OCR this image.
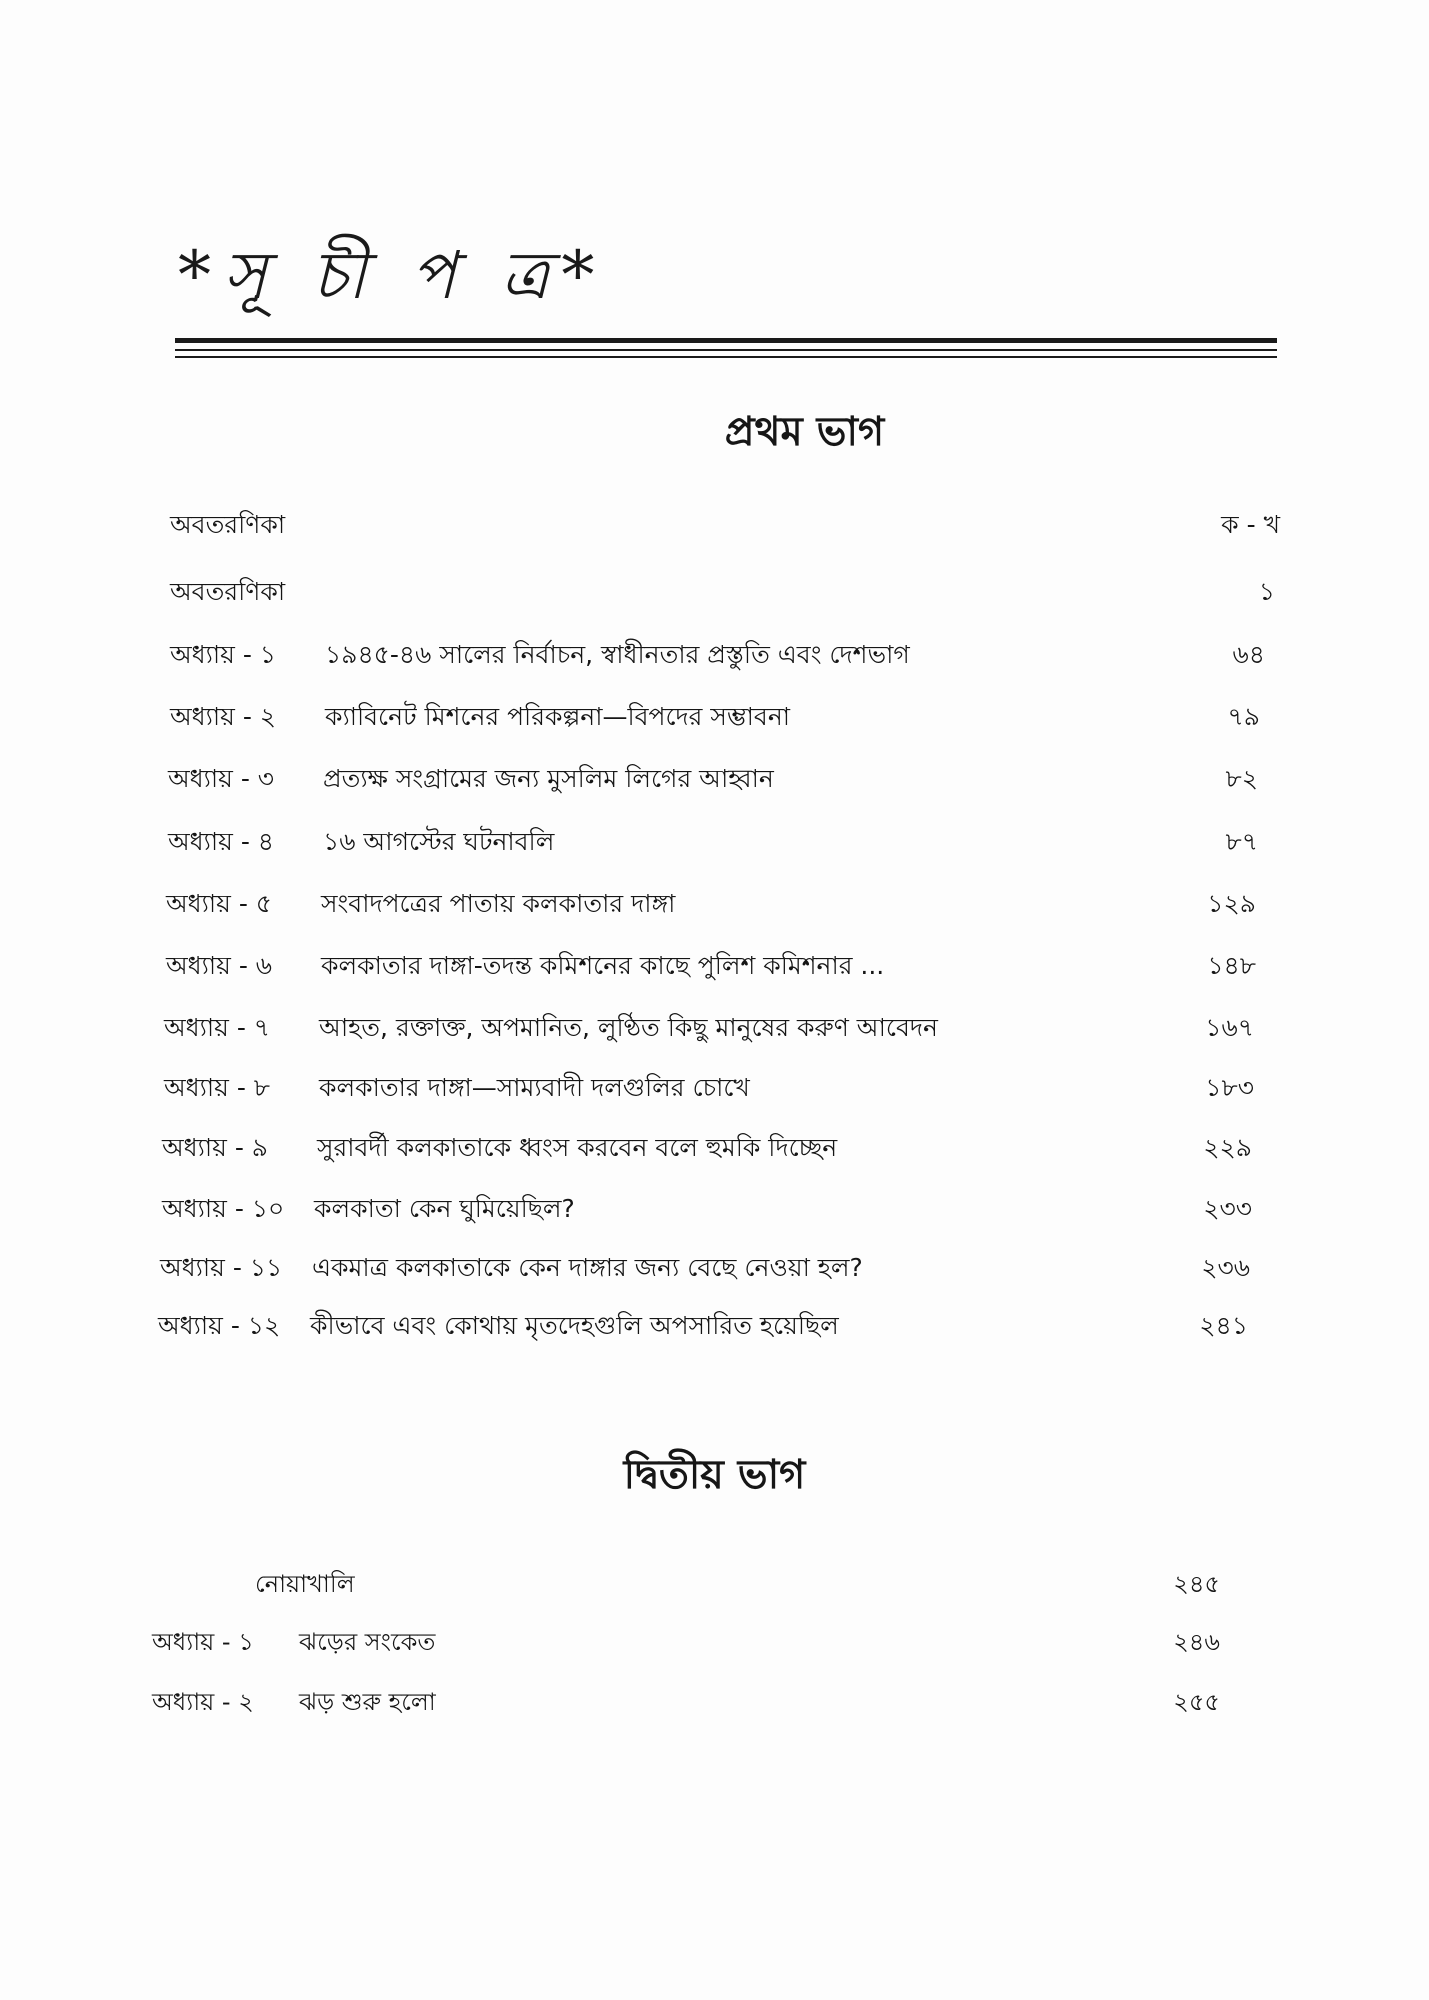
*সূ চী প ত্র*
প্রথম ভাগ
অবতরণিকা	ক - খ
অবতরণিকা	১
অধ্যায় - ১ ১৯৪৫-৪৬ সালের নির্বাচন, স্বাধীনতার প্রস্তুতি এবং দেশভাগ	৬৪
অধ্যায় - ২ ক্যাবিনেট মিশনের পরিকল্পনা—বিপদের সম্ভাবনা	৭৯
অধ্যায় - ৩ প্রত্যক্ষ সংগ্রামের জন্য মুসলিম লিগের আহ্বান	৮২
অধ্যায় - ৪ ১৬ আগস্টের ঘটনাবলি	৮৭
অধ্যায় - ৫ সংবাদপত্রের পাতায় কলকাতার দাঙ্গা	১২৯
অধ্যায় - ৬ কলকাতার দাঙ্গা-তদন্ত কমিশনের কাছে পুলিশ কমিশনার ...	১৪৮
অধ্যায় - ৭ আহত, রক্তাক্ত, অপমানিত, লুণ্ঠিত কিছু মানুষের করুণ আবেদন	১৬৭
অধ্যায় - ৮ কলকাতার দাঙ্গা—সাম্যবাদী দলগুলির চোখে	১৮৩
অধ্যায় - ৯ সুরাবর্দী কলকাতাকে ধ্বংস করবেন বলে হুমকি দিচ্ছেন	২২৯
অধ্যায় - ১০ কলকাতা কেন ঘুমিয়েছিল?	২৩৩
অধ্যায় - ১১ একমাত্র কলকাতাকে কেন দাঙ্গার জন্য বেছে নেওয়া হল?	২৩৬
অধ্যায় - ১২ কীভাবে এবং কোথায় মৃতদেহগুলি অপসারিত হয়েছিল	২৪১
দ্বিতীয় ভাগ
নোয়াখালি	২৪৫
অধ্যায় - ১ ঝড়ের সংকেত	২৪৬
অধ্যায় - ২ ঝড় শুরু হলো	২৫৫
